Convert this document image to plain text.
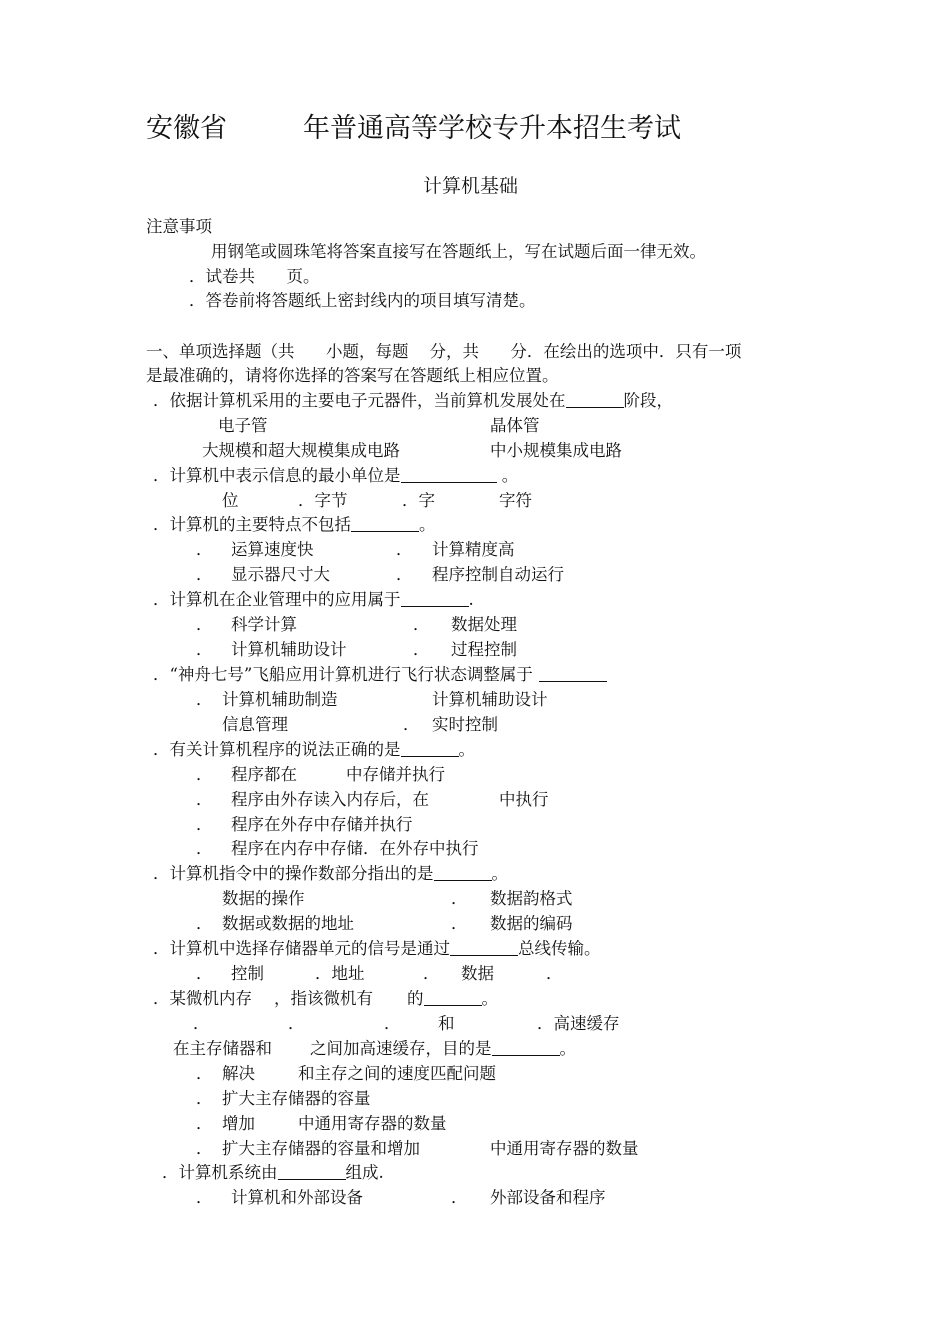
安徽省	年普通高等学校专升本招生考试
计算机基础
注意事项
用钢笔或圆珠笔将答案直接写在答题纸上，写在试题后面一律无效。
．试卷共      页。
．答卷前将答题纸上密封线内的项目填写清楚。
一、单项选择题（共      小题，每题    分，共      分．在绘出的选项中．只有一项
是最准确的，请将你选择的答案写在答题纸上相应位置。
．依据计算机采用的主要电子元器件，当前算机发展处在	阶段，
电子管	晶体管
大规模和超大规模集成电路	中小规模集成电路
．计算机中表示信息的最小单位是	。
位	．字节	．字	字符
．计算机的主要特点不包括	。
． 运算速度快	． 计算精度高
． 显示器尺寸大	． 程序控制自动运行
．计算机在企业管理中的应用属于	.
． 科学计算	． 数据处理
． 计算机辅助设计	． 过程控制
．“神舟七号”飞船应用计算机进行飞行状态调整属于
． 计算机辅助制造	计算机辅助设计
信息管理	． 实时控制
．有关计算机程序的说法正确的是	。
． 程序都在	中存储并执行
． 程序由外存读入内存后，在	中执行
． 程序在外存中存储并执行
． 程序在内存中存储．在外存中执行
．计算机指令中的操作数部分指出的是	。
数据的操作	． 数据韵格式
． 数据或数据的地址	． 数据的编码
．计算机中选择存储器单元的信号是通过	总线传输。
． 控制	．地址	． 数据	．
．某微机内存 ，指该微机有 的	。
．	．	． 和	．高速缓存
在主存储器和 之间加高速缓存，目的是	。
． 解决	和主存之间的速度匹配问题
． 扩大主存储器的容量
． 增加	中通用寄存器的数量
． 扩大主存储器的容量和增加	中通用寄存器的数量
．计算机系统由	组成.
． 计算机和外部设备	． 外部设备和程序
